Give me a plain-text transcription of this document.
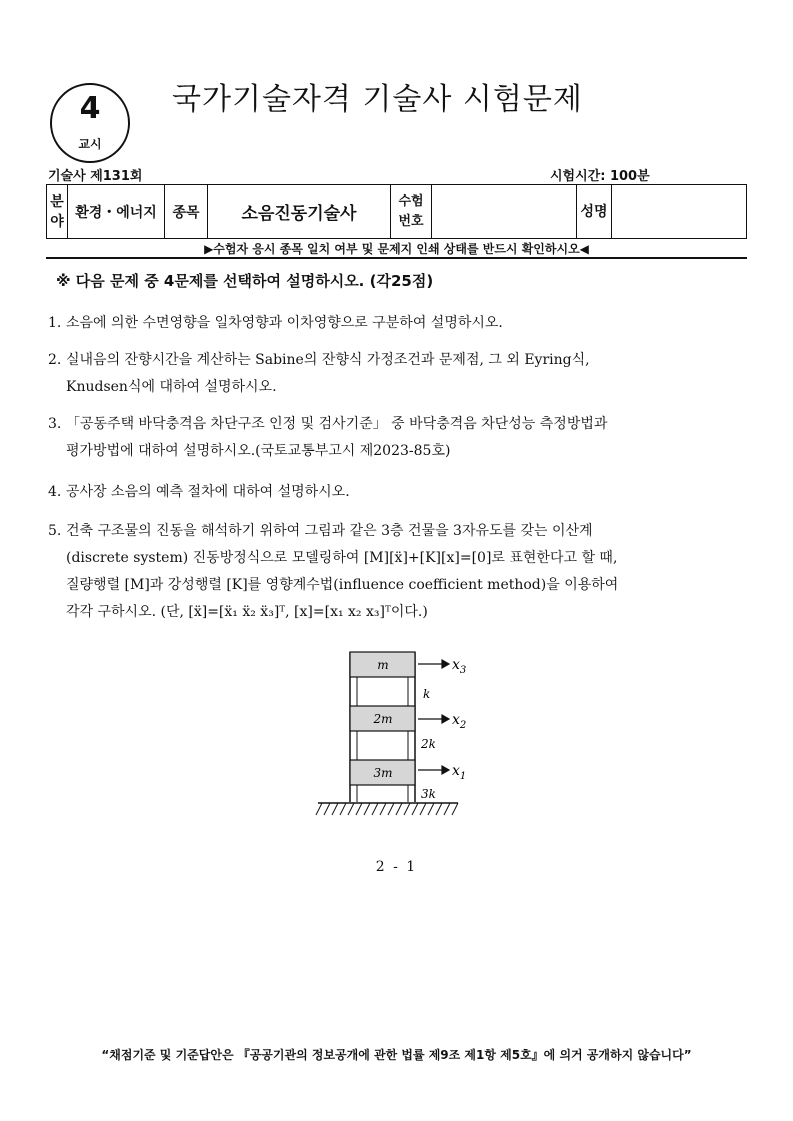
4
교시
국가기술자격 기술사 시험문제
기술사 제131회	시험시간: 100분
분야	환경・에너지	종목	소음진동기술사	수험번호		성명	
▶수험자 응시 종목 일치 여부 및 문제지 인쇄 상태를 반드시 확인하시오◀
※ 다음 문제 중 4문제를 선택하여 설명하시오. (각25점)
1. 소음에 의한 수면영향을 일차영향과 이차영향으로 구분하여 설명하시오.
2. 실내음의 잔향시간을 계산하는 Sabine의 잔향식 가정조건과 문제점, 그 외 Eyring식,
Knudsen식에 대하여 설명하시오.
3. 「공동주택 바닥충격음 차단구조 인정 및 검사기준」 중 바닥충격음 차단성능 측정방법과
평가방법에 대하여 설명하시오.(국토교통부고시 제2023-85호)
4. 공사장 소음의 예측 절차에 대하여 설명하시오.
5. 건축 구조물의 진동을 해석하기 위하여 그림과 같은 3층 건물을 3자유도를 갖는 이산계
(discrete system) 진동방정식으로 모델링하여 [M][ẍ]+[K][x]=[0]로 표현한다고 할 때,
질량행렬 [M]과 강성행렬 [K]를 영향계수법(influence coefficient method)을 이용하여
각각 구하시오. (단, [ẍ]=[ẍ₁ ẍ₂ ẍ₃]ᵀ, [x]=[x₁ x₂ x₃]ᵀ이다.)
m
2m
3m
$x_3$
$x_2$
$x_1$
k
2k
3k
2 - 1
“채점기준 및 기준답안은 『공공기관의 정보공개에 관한 법률 제9조 제1항 제5호』에 의거 공개하지 않습니다”
